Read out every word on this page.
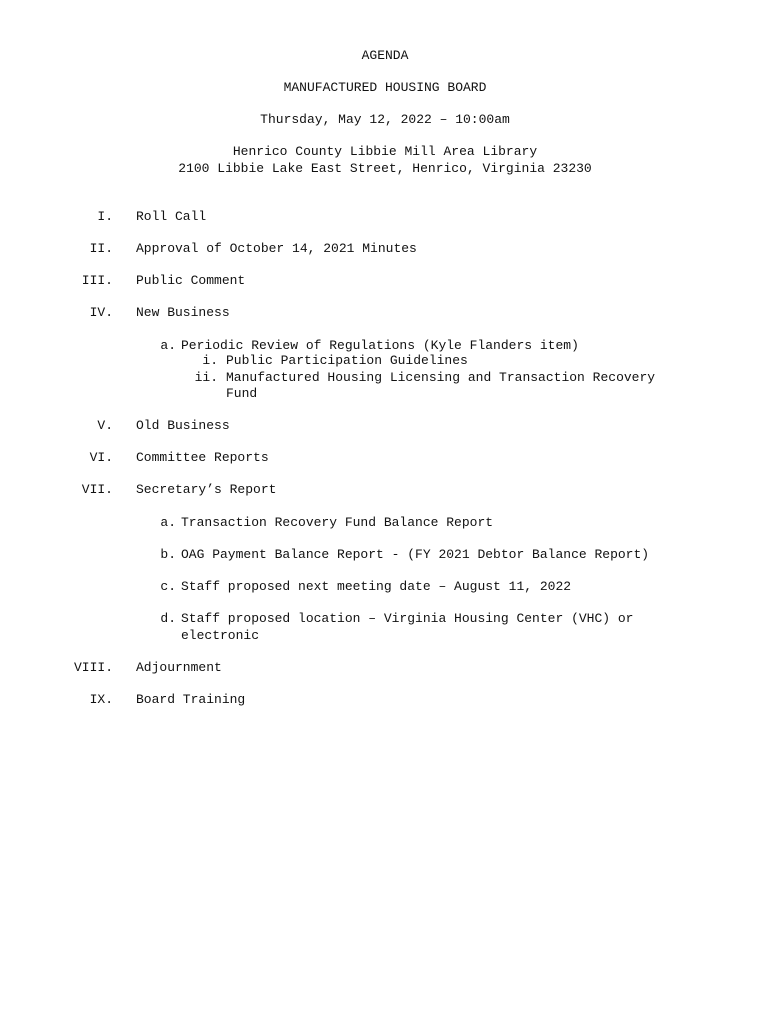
AGENDA
MANUFACTURED HOUSING BOARD
Thursday, May 12, 2022 – 10:00am
Henrico County Libbie Mill Area Library
2100 Libbie Lake East Street, Henrico, Virginia 23230
I. Roll Call
II. Approval of October 14, 2021 Minutes
III. Public Comment
IV. New Business
a. Periodic Review of Regulations (Kyle Flanders item)
i. Public Participation Guidelines
ii. Manufactured Housing Licensing and Transaction Recovery
Fund
V. Old Business
VI. Committee Reports
VII. Secretary’s Report
a. Transaction Recovery Fund Balance Report
b. OAG Payment Balance Report - (FY 2021 Debtor Balance Report)
c. Staff proposed next meeting date – August 11, 2022
d. Staff proposed location – Virginia Housing Center (VHC) or
electronic
VIII. Adjournment
IX. Board Training
